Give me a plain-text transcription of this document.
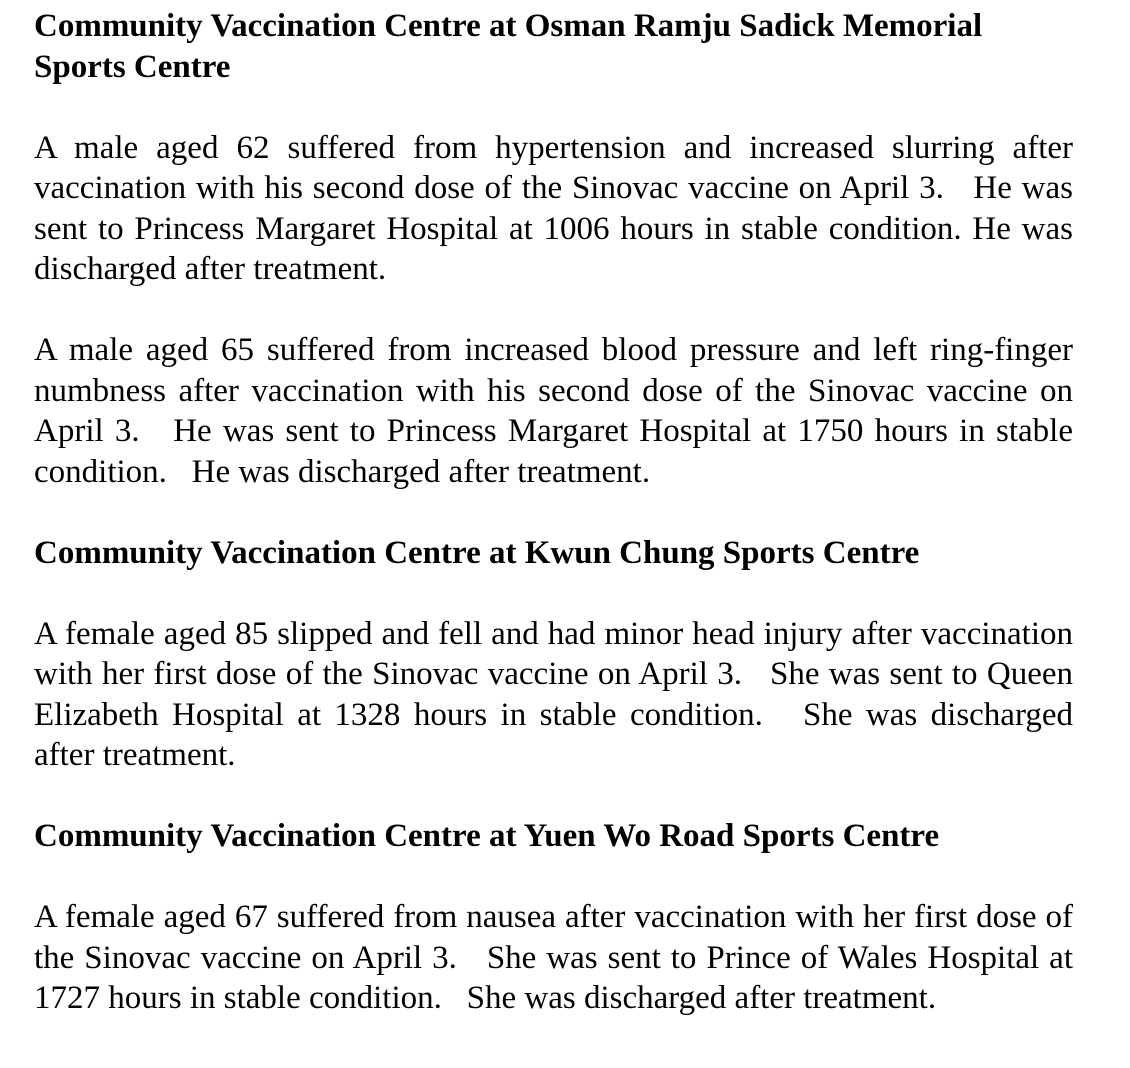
Community Vaccination Centre at Osman Ramju Sadick Memorial Sports Centre

A male aged 62 suffered from hypertension and increased slurring after vaccination with his second dose of the Sinovac vaccine on April 3.   He was sent to Princess Margaret Hospital at 1006 hours in stable condition. He was discharged after treatment.

A male aged 65 suffered from increased blood pressure and left ring-finger numbness after vaccination with his second dose of the Sinovac vaccine on April 3.   He was sent to Princess Margaret Hospital at 1750 hours in stable condition.   He was discharged after treatment.

Community Vaccination Centre at Kwun Chung Sports Centre

A female aged 85 slipped and fell and had minor head injury after vaccination with her first dose of the Sinovac vaccine on April 3.   She was sent to Queen Elizabeth Hospital at 1328 hours in stable condition.   She was discharged after treatment.

Community Vaccination Centre at Yuen Wo Road Sports Centre

A female aged 67 suffered from nausea after vaccination with her first dose of the Sinovac vaccine on April 3.   She was sent to Prince of Wales Hospital at 1727 hours in stable condition.   She was discharged after treatment.
